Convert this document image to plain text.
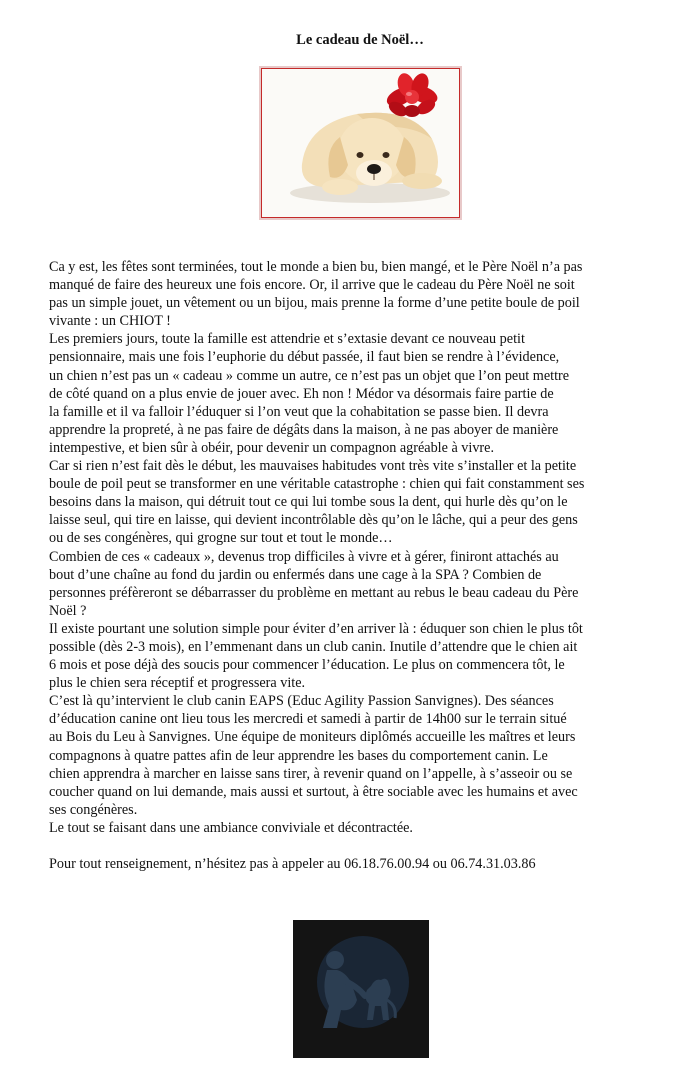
Le cadeau de Noël…
Ca y est, les fêtes sont terminées, tout le monde a bien bu, bien mangé, et le Père Noël n’a pas
manqué de faire des heureux une fois encore. Or, il arrive que le cadeau du Père Noël ne soit
pas un simple jouet, un vêtement ou un bijou, mais prenne la forme d’une petite boule de poil
vivante : un CHIOT !
Les premiers jours, toute la famille est attendrie et s’extasie devant ce nouveau petit
pensionnaire, mais une fois l’euphorie du début passée, il faut bien se rendre à l’évidence,
un chien n’est pas un « cadeau » comme un autre, ce n’est pas un objet que l’on peut mettre
de côté quand on a plus envie de jouer avec. Eh non ! Médor va désormais faire partie de
la famille et il va falloir l’éduquer si l’on veut que la cohabitation se passe bien. Il devra
apprendre la propreté, à ne pas faire de dégâts dans la maison, à ne pas aboyer de manière
intempestive, et bien sûr à obéir, pour devenir un compagnon agréable à vivre.
Car si rien n’est fait dès le début, les mauvaises habitudes vont très vite s’installer et la petite
boule de poil peut se transformer en une véritable catastrophe : chien qui fait constamment ses
besoins dans la maison, qui détruit tout ce qui lui tombe sous la dent, qui hurle dès qu’on le
laisse seul, qui tire en laisse, qui devient incontrôlable dès qu’on le lâche, qui a peur des gens
ou de ses congénères, qui grogne sur tout et tout le monde…
Combien de ces « cadeaux », devenus trop difficiles à vivre et à gérer, finiront attachés au
bout d’une chaîne au fond du jardin ou enfermés dans une cage à la SPA ? Combien de
personnes préfèreront se débarrasser du problème en mettant au rebus le beau cadeau du Père
Noël ?
Il existe pourtant une solution simple pour éviter d’en arriver là : éduquer son chien le plus tôt
possible (dès 2-3 mois), en l’emmenant dans un club canin. Inutile d’attendre que le chien ait
6 mois et pose déjà des soucis pour commencer l’éducation. Le plus on commencera tôt, le
plus le chien sera réceptif et progressera vite.
C’est là qu’intervient le club canin EAPS (Educ Agility Passion Sanvignes). Des séances
d’éducation canine ont lieu tous les mercredi et samedi à partir de 14h00 sur le terrain situé
au Bois du Leu à Sanvignes. Une équipe de moniteurs diplômés accueille les maîtres et leurs
compagnons à quatre pattes afin de leur apprendre les bases du comportement canin. Le
chien apprendra à marcher en laisse sans tirer, à revenir quand on l’appelle, à s’asseoir ou se
coucher quand on lui demande, mais aussi et surtout, à être sociable avec les humains et avec
ses congénères.
Le tout se faisant dans une ambiance conviviale et décontractée.
Pour tout renseignement, n’hésitez pas à appeler au 06.18.76.00.94 ou 06.74.31.03.86
